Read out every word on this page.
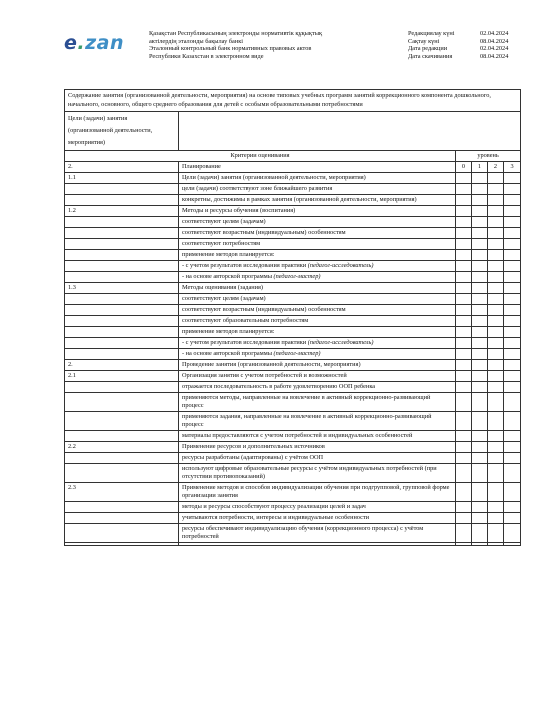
e.zan	Қазақстан Республикасының электронды нормативтік құқықтық
актілердің эталонды бақылау банкі
Эталонный контрольный банк нормативных правовых актов
Республики Казахстан в электронном виде
Редакциялау күні	02.04.2024
Сақтау күні	08.04.2024
Дата редакции	02.04.2024
Дата скачивания	08.04.2024
Содержание занятия (организованной деятельности, мероприятия) на основе типовых учебных программ занятий коррекционного компонента дошкольного, начального, основного, общего среднего образования для детей с особыми образовательными потребностями					

Цели (задачи) занятия
(организованной деятельности,
мероприятия)					

Критерии оценивания		уровень			
2.	Планирование	0	1	2	3
1.1	Цели (задачи) занятия (организованной деятельности, мероприятия)				
	цели (задачи) соответствуют зоне ближайшего развития				
	конкретны, достижимы в рамках занятия (организованной деятельности, мероприятия)				
1.2	Методы и ресурсы обучения (воспитания)				
	соответствуют целям (задачам)				
	соответствуют возрастным (индивидуальным) особенностям				
	соответствуют потребностям				
	применение методов планируется:				
	- с учетом результатов исследования практики (педагог-исследователь)				
	- на основе авторской программы (педагог-мастер)				
1.3	Методы оценивания (задания)				
	соответствуют целям (задачам)				
	соответствуют возрастным (индивидуальным) особенностям				
	соответствуют образовательным потребностям				
	применение методов планируется:				
	- с учетом результатов исследования практики (педагог-исследователь)				
	- на основе авторской программы (педагог-мастер)				
2.	Проведение занятия (организованной деятельности, мероприятия)				
2.1	Организация занятия с учетом потребностей и возможностей				
	отражается последовательность в работе удовлетворению ООП ребенка				
	применяются методы, направленные на вовлечение в активный коррекционно-развивающий процесс				
	применяются задания, направленные на вовлечение в активный коррекционно-развивающий процесс				
	материалы предоставляются с учетом потребностей и индивидуальных особенностей				
2.2	Применение ресурсов и дополнительных источников				
	ресурсы разработаны (адаптированы) с учётом ООП				
	используют цифровые образовательные ресурсы с учётом индивидуальных потребностей (при отсутствии противопоказаний)				
2.3	Применение методов и способов индивидуализации обучения при подгрупповой, групповой форме организации занятия				
	методы и ресурсы способствуют процессу реализации целей и задач				
	учитываются потребности, интересы и индивидуальные особенности				
	ресурсы обеспечивают индивидуализацию обучения (коррекционного процесса) с учётом потребностей				
